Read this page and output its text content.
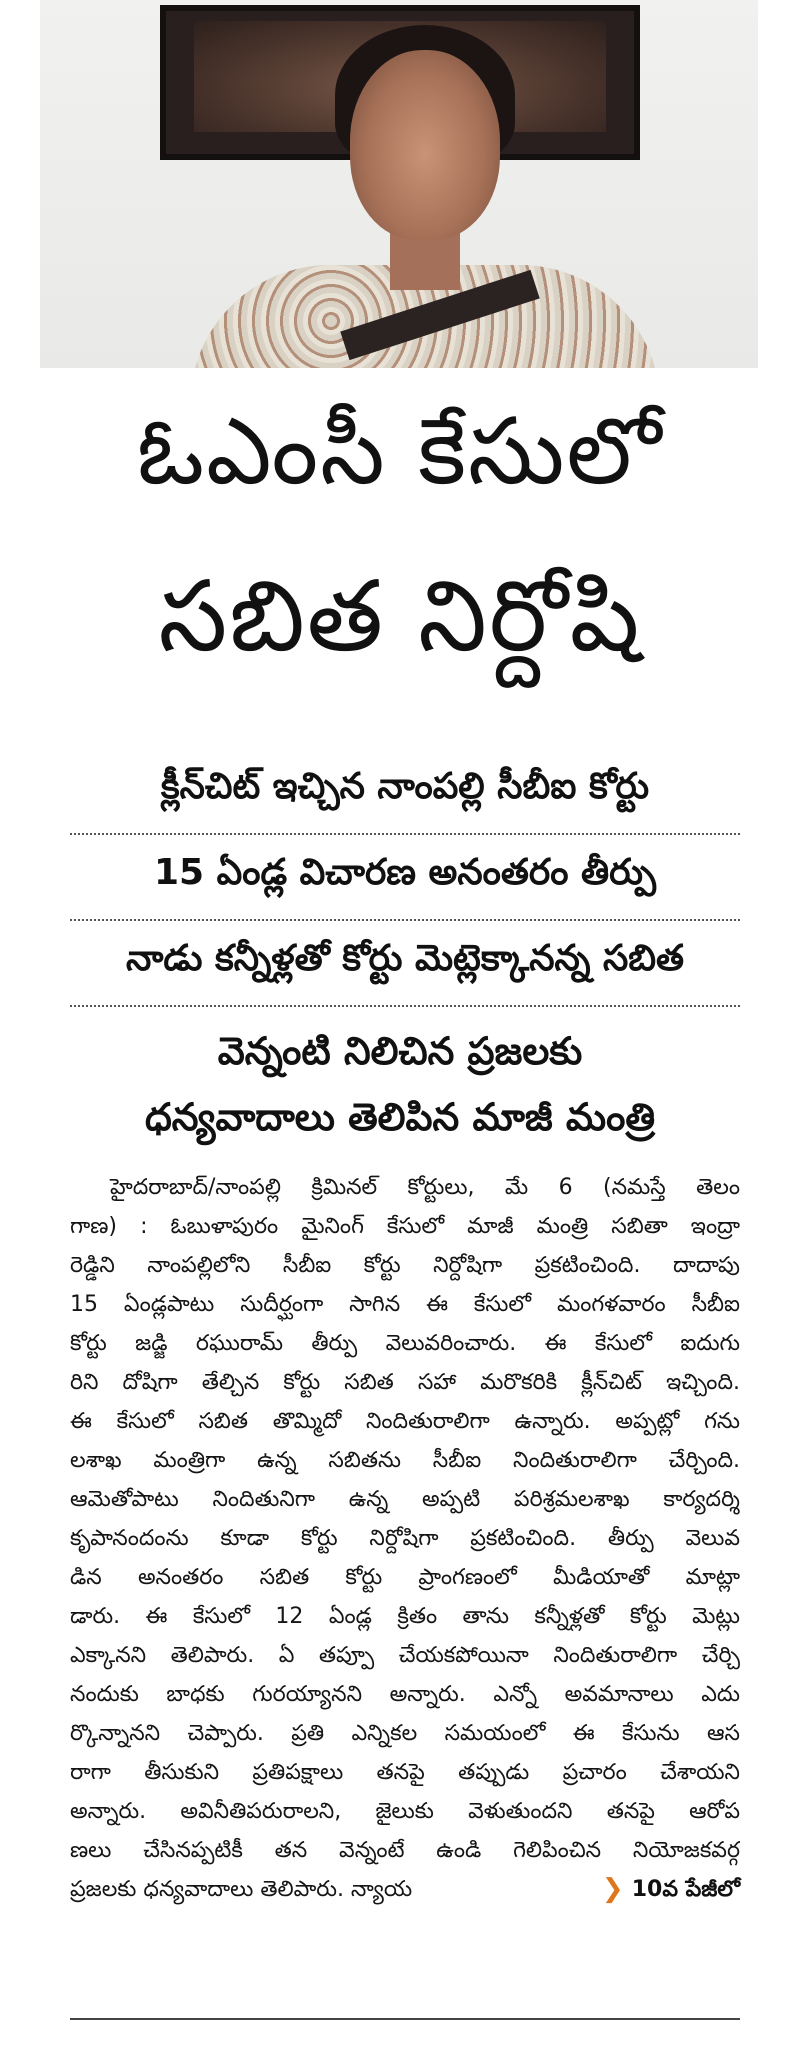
ఓఎంసీ కేసులో
సబిత నిర్దోషి
క్లీన్‌చిట్ ఇచ్చిన నాంపల్లి సీబీఐ కోర్టు
15 ఏండ్ల విచారణ అనంతరం తీర్పు
నాడు కన్నీళ్లతో కోర్టు మెట్లెక్కానన్న సబిత
వెన్నంటి నిలిచిన ప్రజలకు
ధన్యవాదాలు తెలిపిన మాజీ మంత్రి
హైదరాబాద్/నాంపల్లి క్రిమినల్ కోర్టులు, మే 6 (నమస్తే తెలం
గాణ) : ఓబుళాపురం మైనింగ్ కేసులో మాజీ మంత్రి సబితా ఇంద్రా
రెడ్డిని నాంపల్లిలోని సీబీఐ కోర్టు నిర్దోషిగా ప్రకటించింది. దాదాపు
15 ఏండ్లపాటు సుదీర్ఘంగా సాగిన ఈ కేసులో మంగళవారం సీబీఐ
కోర్టు జడ్జి రఘురామ్ తీర్పు వెలువరించారు. ఈ కేసులో ఐదుగు
రిని దోషిగా తేల్చిన కోర్టు సబిత సహా మరొకరికి క్లీన్‌చిట్ ఇచ్చింది.
ఈ కేసులో సబిత తొమ్మిదో నిందితురాలిగా ఉన్నారు. అప్పట్లో గను
లశాఖ మంత్రిగా ఉన్న సబితను సీబీఐ నిందితురాలిగా చేర్చింది.
ఆమెతోపాటు నిందితునిగా ఉన్న అప్పటి పరిశ్రమలశాఖ కార్యదర్శి
కృపానందంను కూడా కోర్టు నిర్దోషిగా ప్రకటించింది. తీర్పు వెలువ
డిన అనంతరం సబిత కోర్టు ప్రాంగణంలో మీడియాతో మాట్లా
డారు. ఈ కేసులో 12 ఏండ్ల క్రితం తాను కన్నీళ్లతో కోర్టు మెట్లు
ఎక్కానని తెలిపారు. ఏ తప్పూ చేయకపోయినా నిందితురాలిగా చేర్చి
నందుకు బాధకు గురయ్యానని అన్నారు. ఎన్నో అవమానాలు ఎదు
ర్కొన్నానని చెప్పారు. ప్రతి ఎన్నికల సమయంలో ఈ కేసును ఆస
రాగా తీసుకుని ప్రతిపక్షాలు తనపై తప్పుడు ప్రచారం చేశాయని
అన్నారు. అవినీతిపరురాలని, జైలుకు వెళుతుందని తనపై ఆరోప
ణలు చేసినప్పటికీ తన వెన్నంటే ఉండి గెలిపించిన నియోజకవర్గ
ప్రజలకు ధన్యవాదాలు తెలిపారు. న్యాయ	❯ 10వ పేజీలో
